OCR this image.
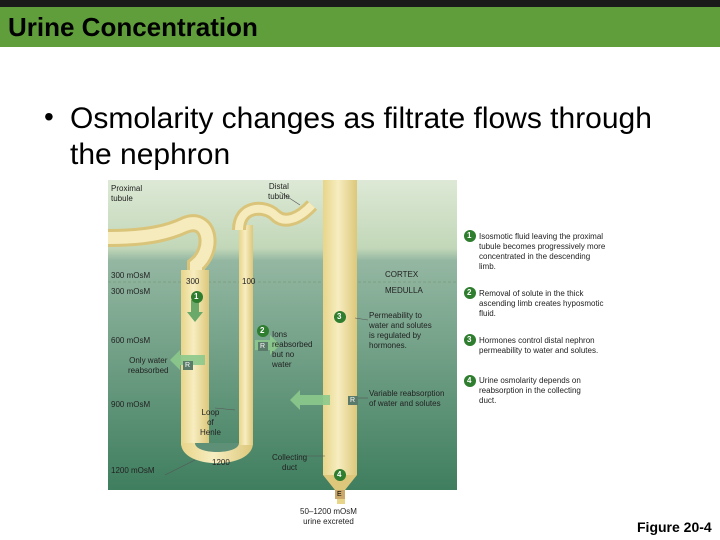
Urine Concentration
• Osmolarity changes as filtrate flows through the nephron
1
2
3
4
1
2
3
4
R
R
R
E
Proximal
tubule
Distal
tubule
300 mOsM
300 mOsM
600 mOsM
900 mOsM
1200 mOsM
Only water
reabsorbed
300	100
1200
CORTEX
MEDULLA
Ions
reabsorbed
but no
water
Permeability to
water and solutes
is regulated by
hormones.
Variable reabsorption
of water and solutes
Loop
of
Henle
Collecting
duct
50–1200 mOsM
urine excreted
Isosmotic fluid leaving the proximal tubule becomes progressively more concentrated in the descending limb.
Removal of solute in the thick ascending limb creates hyposmotic fluid.
Hormones control distal nephron permeability to water and solutes.
Urine osmolarity depends on reabsorption in the collecting duct.
Figure 20-4
